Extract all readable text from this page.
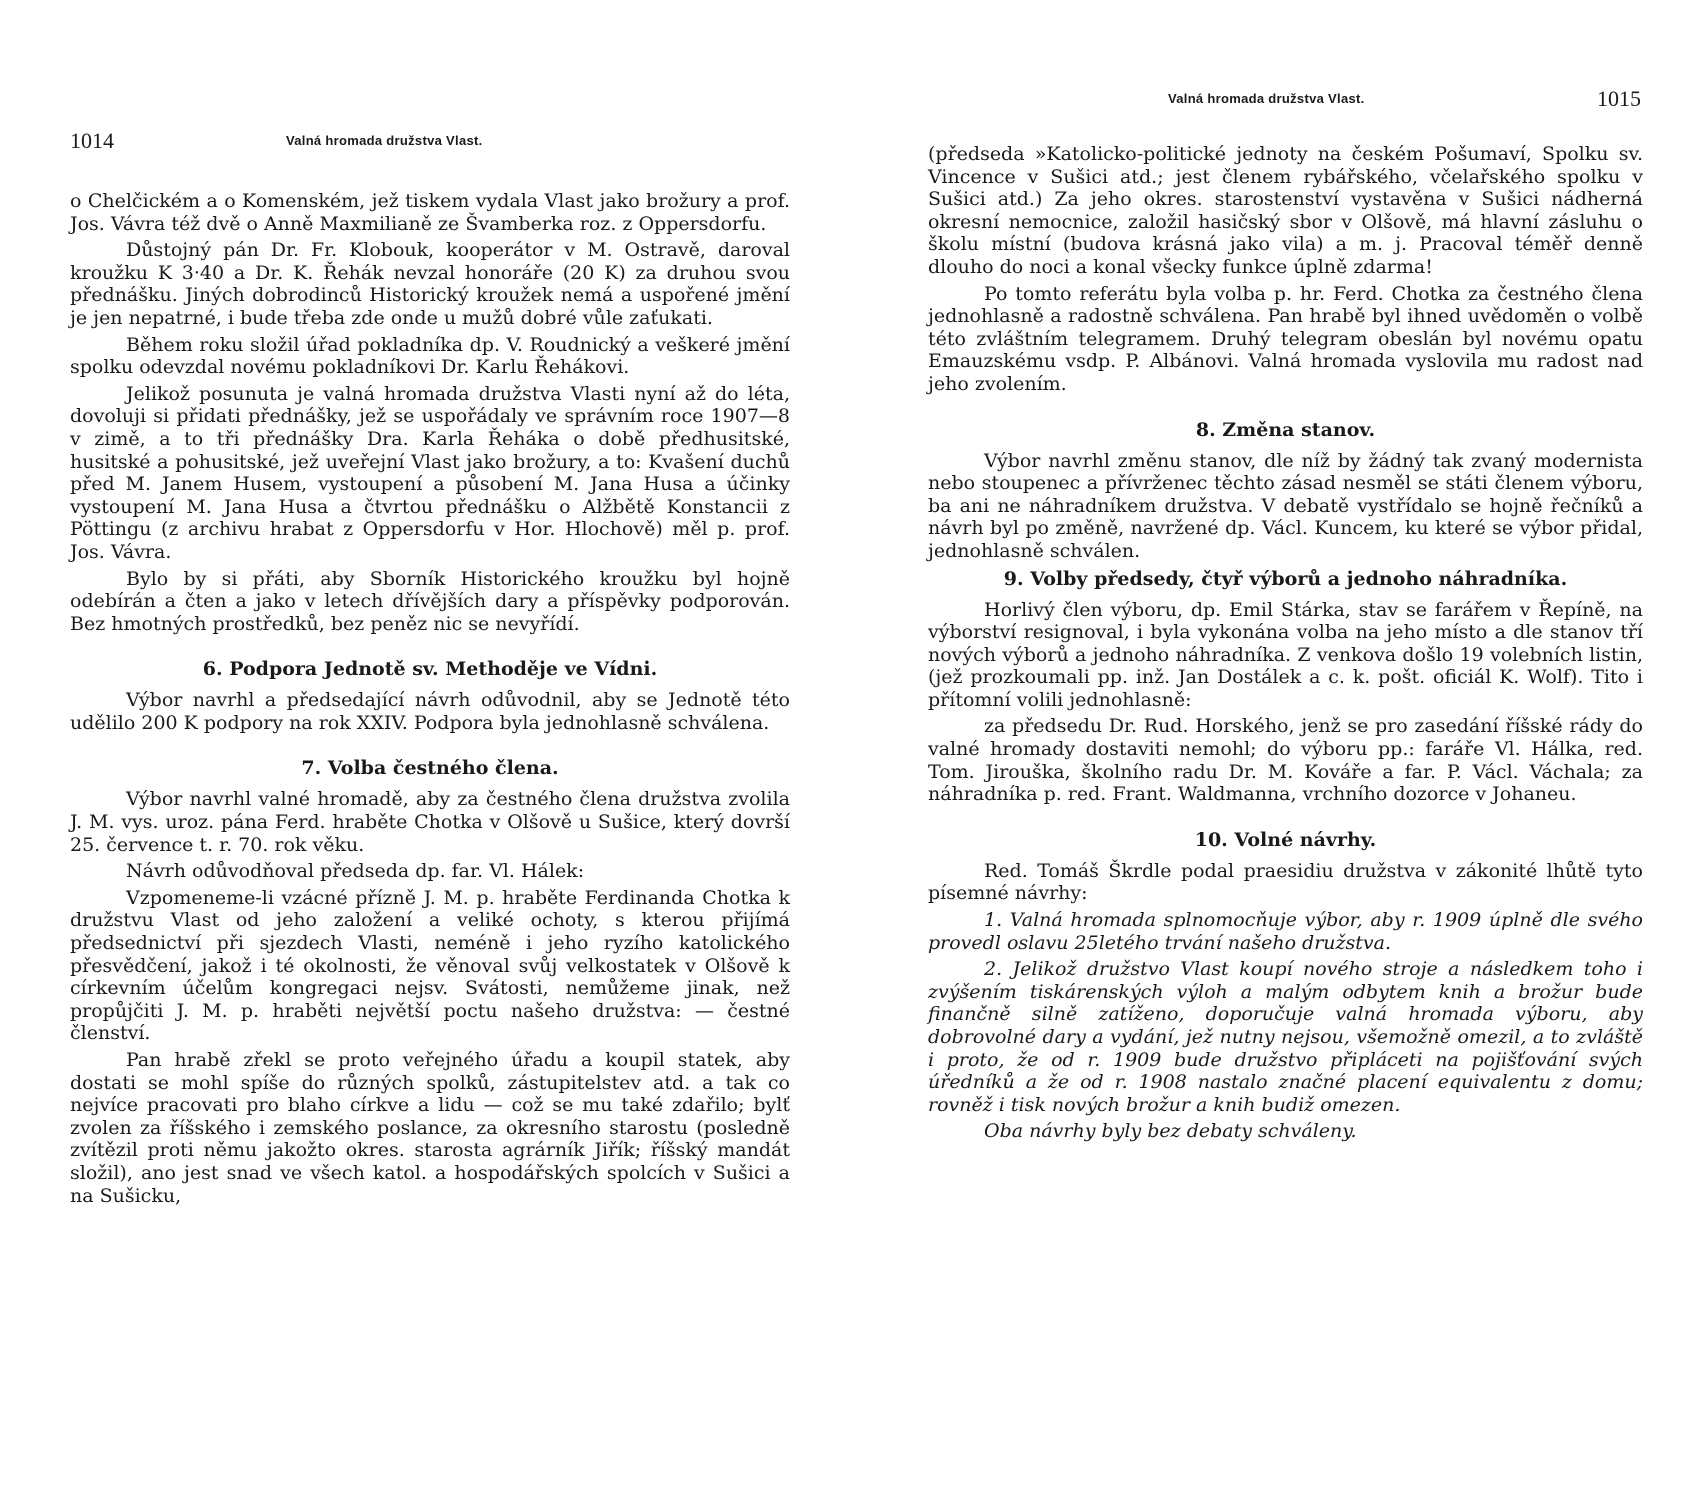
1014	Valná hromada družstva Vlast.

o Chelčickém a o Komenském, jež tiskem vydala Vlast jako brožury a prof. Jos. Vávra též dvě o Anně Maxmilianě ze Švamberka roz. z Oppersdorfu.

Důstojný pán Dr. Fr. Klobouk, kooperátor v M. Ostravě, daroval kroužku K 3·40 a Dr. K. Řehák nevzal honoráře (20 K) za druhou svou přednášku. Jiných dobrodinců Historický kroužek nemá a uspořené jmění je jen nepatrné, i bude třeba zde onde u mužů dobré vůle zaťukati.

Během roku složil úřad pokladníka dp. V. Roudnický a veškeré jmění spolku odevzdal novému pokladníkovi Dr. Karlu Řehákovi.

Jelikož posunuta je valná hromada družstva Vlasti nyní až do léta, dovoluji si přidati přednášky, jež se uspořádaly ve správním roce 1907—8 v zimě, a to tři přednášky Dra. Karla Řeháka o době předhusitské, husitské a pohusitské, jež uveřejní Vlast jako brožury, a to: Kvašení duchů před M. Janem Husem, vystoupení a působení M. Jana Husa a účinky vystoupení M. Jana Husa a čtvrtou přednášku o Alžbětě Konstancii z Pöttingu (z archivu hrabat z Oppersdorfu v Hor. Hlochově) měl p. prof. Jos. Vávra.

Bylo by si přáti, aby Sborník Historického kroužku byl hojně odebírán a čten a jako v letech dřívějších dary a příspěvky podporován. Bez hmotných prostředků, bez peněz nic se nevyřídí.

6. Podpora Jednotě sv. Methoděje ve Vídni.

Výbor navrhl a předsedající návrh odůvodnil, aby se Jednotě této udělilo 200 K podpory na rok XXIV. Podpora byla jednohlasně schválena.

7. Volba čestného člena.

Výbor navrhl valné hromadě, aby za čestného člena družstva zvolila J. M. vys. uroz. pána Ferd. hraběte Chotka v Olšově u Sušice, který dovrší 25. července t. r. 70. rok věku.

Návrh odůvodňoval předseda dp. far. Vl. Hálek:

Vzpomeneme-li vzácné přízně J. M. p. hraběte Ferdinanda Chotka k družstvu Vlast od jeho založení a veliké ochoty, s kterou přijímá předsednictví při sjezdech Vlasti, neméně i jeho ryzího katolického přesvědčení, jakož i té okolnosti, že věnoval svůj velkostatek v Olšově k církevním účelům kongregaci nejsv. Svátosti, nemůžeme jinak, než propůjčiti J. M. p. hraběti největší poctu našeho družstva: — čestné členství.

Pan hrabě zřekl se proto veřejného úřadu a koupil statek, aby dostati se mohl spíše do různých spolků, zástupitelstev atd. a tak co nejvíce pracovati pro blaho církve a lidu — což se mu také zdařilo; bylť zvolen za říšského i zemského poslance, za okresního starostu (posledně zvítězil proti němu jakožto okres. starosta agrárník Jiřík; říšský mandát složil), ano jest snad ve všech katol. a hospodářských spolcích v Sušici a na Sušicku,

Valná hromada družstva Vlast.	1015

(předseda »Katolicko-politické jednoty na českém Pošumaví, Spolku sv. Vincence v Sušici atd.; jest členem rybářského, včelařského spolku v Sušici atd.) Za jeho okres. starostenství vystavěna v Sušici nádherná okresní nemocnice, založil hasičský sbor v Olšově, má hlavní zásluhu o školu místní (budova krásná jako vila) a m. j. Pracoval téměř denně dlouho do noci a konal všecky funkce úplně zdarma!

Po tomto referátu byla volba p. hr. Ferd. Chotka za čestného člena jednohlasně a radostně schválena. Pan hrabě byl ihned uvědoměn o volbě této zvláštním telegramem. Druhý telegram obeslán byl novému opatu Emauzskému vsdp. P. Albánovi. Valná hromada vyslovila mu radost nad jeho zvolením.

8. Změna stanov.

Výbor navrhl změnu stanov, dle níž by žádný tak zvaný modernista nebo stoupenec a přívrženec těchto zásad nesměl se státi členem výboru, ba ani ne náhradníkem družstva. V debatě vystřídalo se hojně řečníků a návrh byl po změně, navržené dp. Václ. Kuncem, ku které se výbor přidal, jednohlasně schválen.

9. Volby předsedy, čtyř výborů a jednoho náhradníka.

Horlivý člen výboru, dp. Emil Stárka, stav se farářem v Řepíně, na výborství resignoval, i byla vykonána volba na jeho místo a dle stanov tří nových výborů a jednoho náhradníka. Z venkova došlo 19 volebních listin, (jež prozkoumali pp. inž. Jan Dostálek a c. k. pošt. oficiál K. Wolf). Tito i přítomní volili jednohlasně:

za předsedu Dr. Rud. Horského, jenž se pro zasedání říšské rády do valné hromady dostaviti nemohl; do výboru pp.: faráře Vl. Hálka, red. Tom. Jirouška, školního radu Dr. M. Kováře a far. P. Václ. Váchala; za náhradníka p. red. Frant. Waldmanna, vrchního dozorce v Johaneu.

10. Volné návrhy.

Red. Tomáš Škrdle podal praesidiu družstva v zákonité lhůtě tyto písemné návrhy:

1. Valná hromada splnomocňuje výbor, aby r. 1909 úplně dle svého provedl oslavu 25letého trvání našeho družstva.

2. Jelikož družstvo Vlast koupí nového stroje a následkem toho i zvýšením tiskárenských výloh a malým odbytem knih a brožur bude finančně silně zatíženo, doporučuje valná hromada výboru, aby dobrovolné dary a vydání, jež nutny nejsou, všemožně omezil, a to zvláště i proto, že od r. 1909 bude družstvo připláceti na pojišťování svých úředníků a že od r. 1908 nastalo značné placení equivalentu z domu; rovněž i tisk nových brožur a knih budiž omezen.

Oba návrhy byly bez debaty schváleny.
